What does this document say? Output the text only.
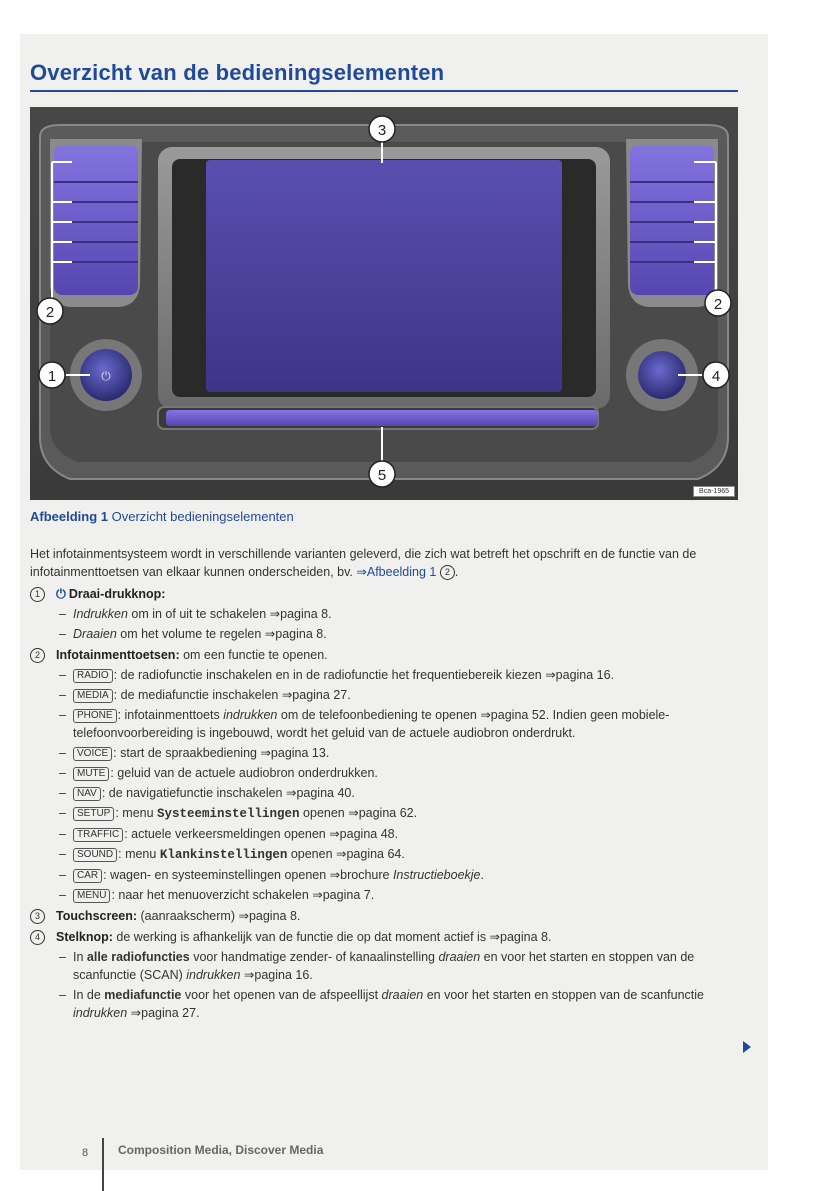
Overzicht van de bedieningselementen
⏻
3
2	2
1	4
5
Bсa-1965
Afbeelding 1 Overzicht bedieningselementen

Het infotainmentsysteem wordt in verschillende varianten geleverd, die zich wat betreft het opschrift en de functie van de infotainmenttoetsen van elkaar kunnen onderscheiden, bv. ⇒Afbeelding 1 2 .

1	⏻ Draai-drukknop:
– Indrukken om in of uit te schakelen ⇒pagina 8.
– Draaien om het volume te regelen ⇒pagina 8.
2	Infotainmenttoetsen: om een functie te openen.
– RADIO : de radiofunctie inschakelen en in de radiofunctie het frequentiebereik kiezen ⇒pagina 16.
– MEDIA : de mediafunctie inschakelen ⇒pagina 27.
– PHONE : infotainmenttoets indrukken om de telefoonbediening te openen ⇒pagina 52. Indien geen mobiele-telefoonvoorbereiding is ingebouwd, wordt het geluid van de actuele audiobron onderdrukt.
– VOICE : start de spraakbediening ⇒pagina 13.
– MUTE : geluid van de actuele audiobron onderdrukken.
– NAV : de navigatiefunctie inschakelen ⇒pagina 40.
– SETUP : menu Systeeminstellingen openen ⇒pagina 62.
– TRAFFIC : actuele verkeersmeldingen openen ⇒pagina 48.
– SOUND : menu Klankinstellingen openen ⇒pagina 64.
– CAR : wagen- en systeeminstellingen openen ⇒brochure Instructieboekje.
– MENU : naar het menuoverzicht schakelen ⇒pagina 7.
3	Touchscreen: (aanraakscherm) ⇒pagina 8.
4	Stelknop: de werking is afhankelijk van de functie die op dat moment actief is ⇒pagina 8.
– In alle radiofuncties voor handmatige zender- of kanaalinstelling draaien en voor het starten en stoppen van de scanfunctie (SCAN) indrukken ⇒pagina 16.
– In de mediafunctie voor het openen van de afspeellijst draaien en voor het starten en stoppen van de scanfunctie indrukken ⇒pagina 27.
8 Composition Media, Discover Media
